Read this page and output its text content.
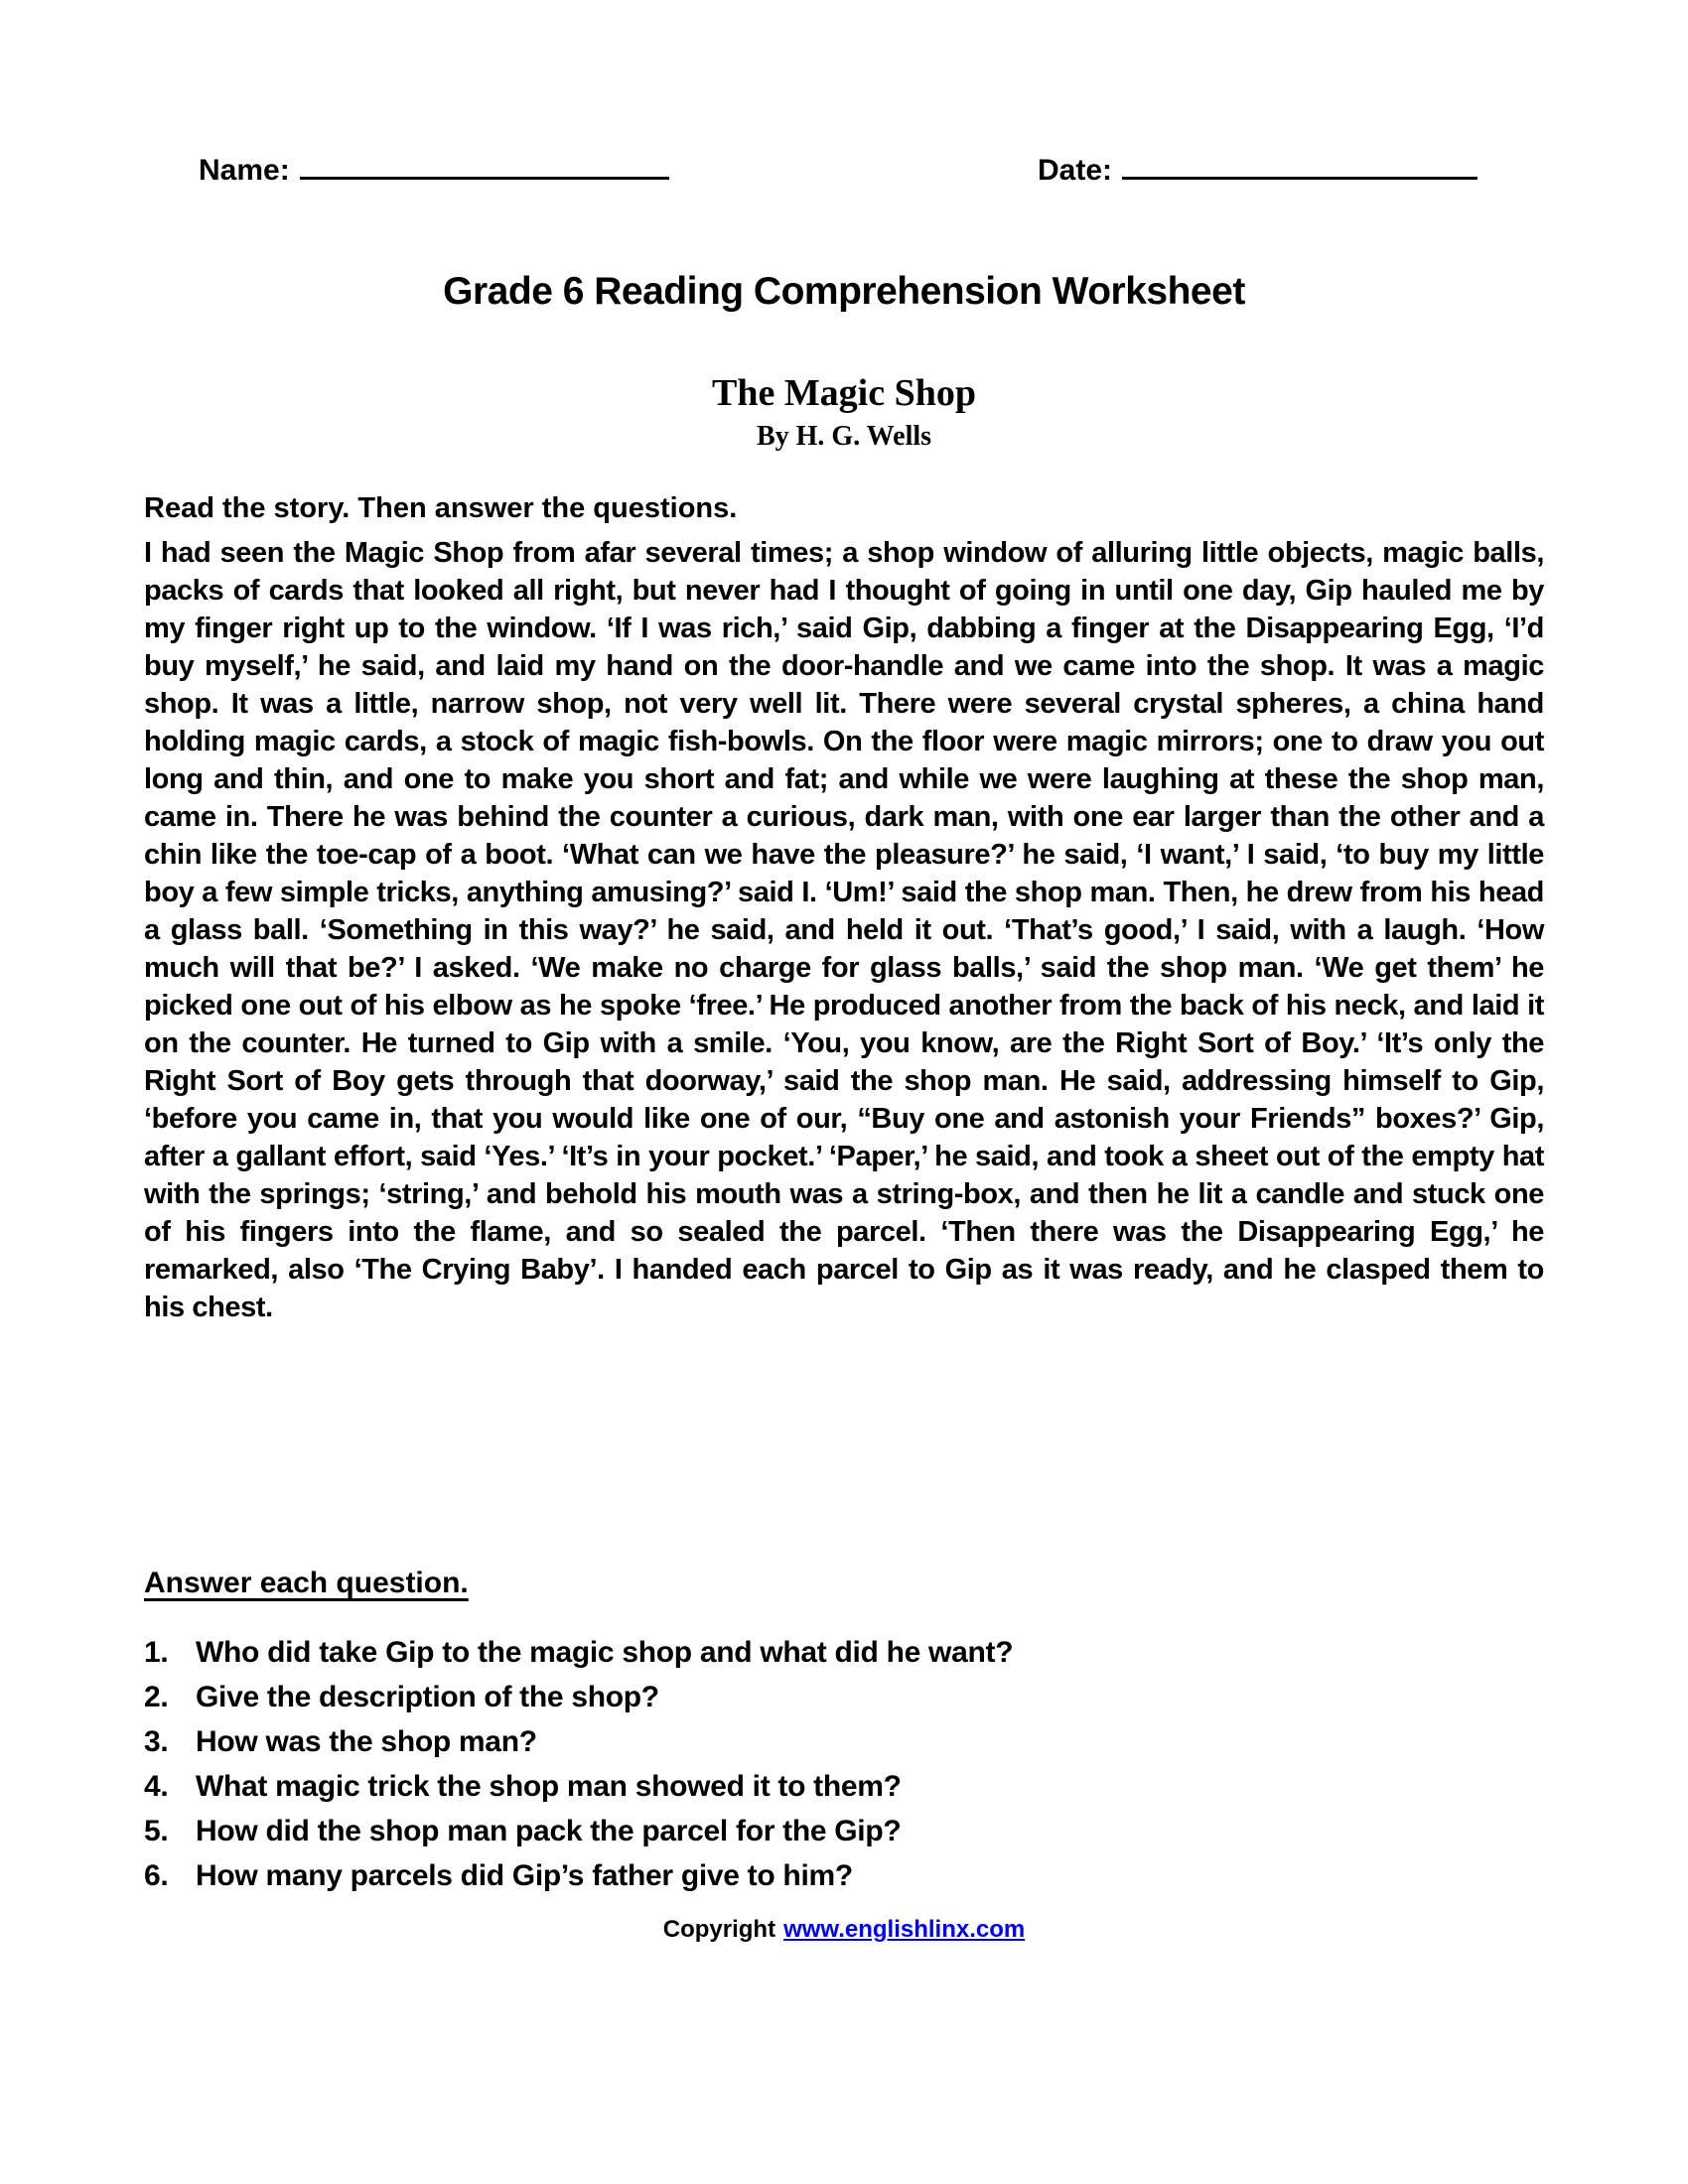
Name:	Date:
Grade 6 Reading Comprehension Worksheet
The Magic Shop
By H. G. Wells
Read the story. Then answer the questions.
I had seen the Magic Shop from afar several times; a shop window of alluring little objects, magic balls, packs of cards that looked all right, but never had I thought of going in until one day, Gip hauled me by my finger right up to the window. ‘If I was rich,’ said Gip, dabbing a finger at the Disappearing Egg, ‘I’d buy myself,’ he said, and laid my hand on the door-handle and we came into the shop. It was a magic shop. It was a little, narrow shop, not very well lit. There were several crystal spheres, a china hand holding magic cards, a stock of magic fish-bowls. On the floor were magic mirrors; one to draw you out long and thin, and one to make you short and fat; and while we were laughing at these the shop man, came in. There he was behind the counter a curious, dark man, with one ear larger than the other and a chin like the toe-cap of a boot. ‘What can we have the pleasure?’ he said, ‘I want,’ I said, ‘to buy my little boy a few simple tricks, anything amusing?’ said I. ‘Um!’ said the shop man. Then, he drew from his head a glass ball. ‘Something in this way?’ he said, and held it out. ‘That’s good,’ I said, with a laugh. ‘How much will that be?’ I asked. ‘We make no charge for glass balls,’ said the shop man. ‘We get them’ he picked one out of his elbow as he spoke ‘free.’ He produced another from the back of his neck, and laid it on the counter. He turned to Gip with a smile. ‘You, you know, are the Right Sort of Boy.’ ‘It’s only the Right Sort of Boy gets through that doorway,’ said the shop man. He said, addressing himself to Gip, ‘before you came in, that you would like one of our, “Buy one and astonish your Friends” boxes?’ Gip, after a gallant effort, said ‘Yes.’ ‘It’s in your pocket.’ ‘Paper,’ he said, and took a sheet out of the empty hat with the springs; ‘string,’ and behold his mouth was a string-box, and then he lit a candle and stuck one of his fingers into the flame, and so sealed the parcel. ‘Then there was the Disappearing Egg,’ he remarked, also ‘The Crying Baby’. I handed each parcel to Gip as it was ready, and he clasped them to his chest.
Answer each question.
1. Who did take Gip to the magic shop and what did he want?
2. Give the description of the shop?
3. How was the shop man?
4. What magic trick the shop man showed it to them?
5. How did the shop man pack the parcel for the Gip?
6. How many parcels did Gip’s father give to him?
Copyright www.englishlinx.com
